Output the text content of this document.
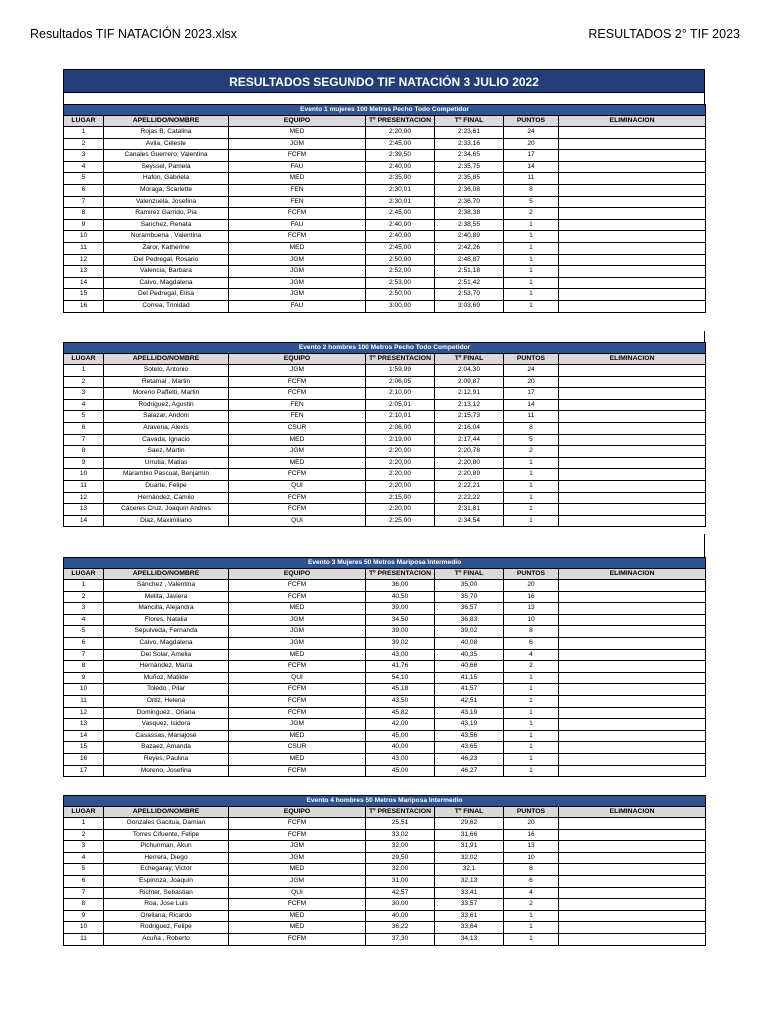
Resultados TIF NATACIÓN 2023.xlsx	RESULTADOS 2° TIF 2023
RESULTADOS SEGUNDO TIF NATACIÓN 3 JULIO 2022
Evento 1 mujeres 100 Metros Pecho Todo Competidor						
LUGAR	APELLIDO/NOMBRE	EQUIPO	Tº PRESENTACION	Tº FINAL	PUNTOS	ELIMINACION
1	Rojas B, Catalina	MED	2:20,00	2:23,61	24	
2	Avila, Celeste	JGM	2:45,00	2:33,16	20	
3	Canales Guerrero, Valentina	FCFM	2:39,50	2:34,65	17	
4	Seyssel, Pamela	FAU	2:40,00	2:35,75	14	
5	Hafon, Gabriela	MED	2:35,00	2:35,85	11	
6	Moraga, Scarlette	FEN	2:30,01	2:36,08	8	
7	Valenzuela, Josefina	FEN	2:30,01	2:36,70	5	
8	Ramirez Garrido, Pia	FCFM	2:45,00	2:38,38	2	
9	Sanchez, Renata	FAU	2:40,00	2:38,55	1	
10	Norambuena , Valentina	FCFM	2:40,00	2:40,89	1	
11	Zaror, Katherine	MED	2:45,00	2:42,26	1	
12	Del Pedregal, Rosario	JGM	2:50,00	2:48,87	1	
13	Valencia, Barbara	JGM	2:52,00	2:51,18	1	
14	Calvo, Magdalena	JGM	2:53,00	2:51,42	1	
15	Del Pedregal, Elisa	JGM	2:50,00	2:53,70	1	
16	Correa, Trinidad	FAU	3:00,00	3:03,69	1	
Evento 2 hombres 100 Metros Pecho Todo Competidor						
LUGAR	APELLIDO/NOMBRE	EQUIPO	Tº PRESENTACION	Tº FINAL	PUNTOS	ELIMINACION
1	Sotelo, Antonio	JGM	1:59,99	2:04,30	24	
2	Retamal , Martin	FCFM	2:06,05	2:09,87	20	
3	Moreno Paffetti, Martin	FCFM	2:10,00	2:12,91	17	
4	Rodriguez, Agustin	FEN	2:05,01	2:13,12	14	
5	Salazar, Andoni	FEN	2:10,01	2:15,73	11	
6	Aravena, Alexis	CSUR	2:06,00	2:16,04	8	
7	Cavada, Ignacio	MED	2:19,00	2:17,44	5	
8	Saez, Martin	JGM	2:20,00	2:20,78	2	
9	Urrutia, Matias	MED	2:20,00	2:20,80	1	
10	Marambio Pascual, Benjamín	FCFM	2:20,00	2:20,89	1	
11	Duarte, Felipe	QUI	2:20,00	2:22,21	1	
12	Hernández, Camilo	FCFM	2:15,00	2:22,22	1	
13	Cáceres Cruz, Joaquín Andres	FCFM	2:20,00	2:31,81	1	
14	Diaz, Maximiliano	QUI	2:25,00	2:34,54	1	
Evento 3 Mujeres 50 Metros Mariposa Intermedio						
LUGAR	APELLIDO/NOMBRE	EQUIPO	Tº PRESENTACION	Tº FINAL	PUNTOS	ELIMINACION
1	Sánchez , Valentina	FCFM	36,00	35,00	20	
2	Melita, Javiera	FCFM	40,50	35,70	16	
3	Mancilla, Alejandra	MED	39,00	36,57	13	
4	Flores, Natalia	JGM	34,50	36,83	10	
5	Sepulveda, Fernanda	JGM	39,00	39,02	8	
6	Calvo, Magdalena	JGM	39,02	40,08	6	
7	Del Solar, Amelia	MED	43,00	40,35	4	
8	Hernández, María	FCFM	41,76	40,66	2	
9	Muñoz, Matilde	QUI	54,10	41,15	1	
10	Toledo , Pilar	FCFM	45,18	41,57	1	
11	Ortiz, Helena	FCFM	43,50	42,51	1	
12	Dominguez , Oriana	FCFM	45,82	43,19	1	
13	Vasquez, Isidora	JGM	42,00	43,19	1	
14	Casassas, Mariajosé	MED	45,00	43,56	1	
15	Bazaez, Amanda	CSUR	40,00	43,65	1	
16	Reyes, Paulina	MED	43,00	46,23	1	
17	Moreno, Josefina	FCFM	45,00	46,27	1	
Evento 4 hombres 50 Metros Mariposa Intermedio						
LUGAR	APELLIDO/NOMBRE	EQUIPO	Tº PRESENTACION	Tº FINAL	PUNTOS	ELIMINACION
1	Gonzales Gacitua, Damian	FCFM	25,51	29,62	20	
2	Torres Cifuente, Felipe	FCFM	33,02	31,66	16	
3	Pichunman, Akun	JGM	32,00	31,91	13	
4	Herrera, Diego	JGM	29,50	32,02	10	
5	Echegaray, Victor	MED	32,00	32,1	8	
6	Espinoza, Joaquin	JGM	31,00	32,13	6	
7	Richter, Sebastian	QUI	42,57	33,41	4	
8	Roa, Jose Luis	FCFM	30,00	33,57	2	
9	Orellana, Ricardo	MED	40,00	33,61	1	
10	Rodriguez, Felipe	MED	36,22	33,64	1	
11	Acuña , Roberto	FCFM	37,30	34,13	1	
